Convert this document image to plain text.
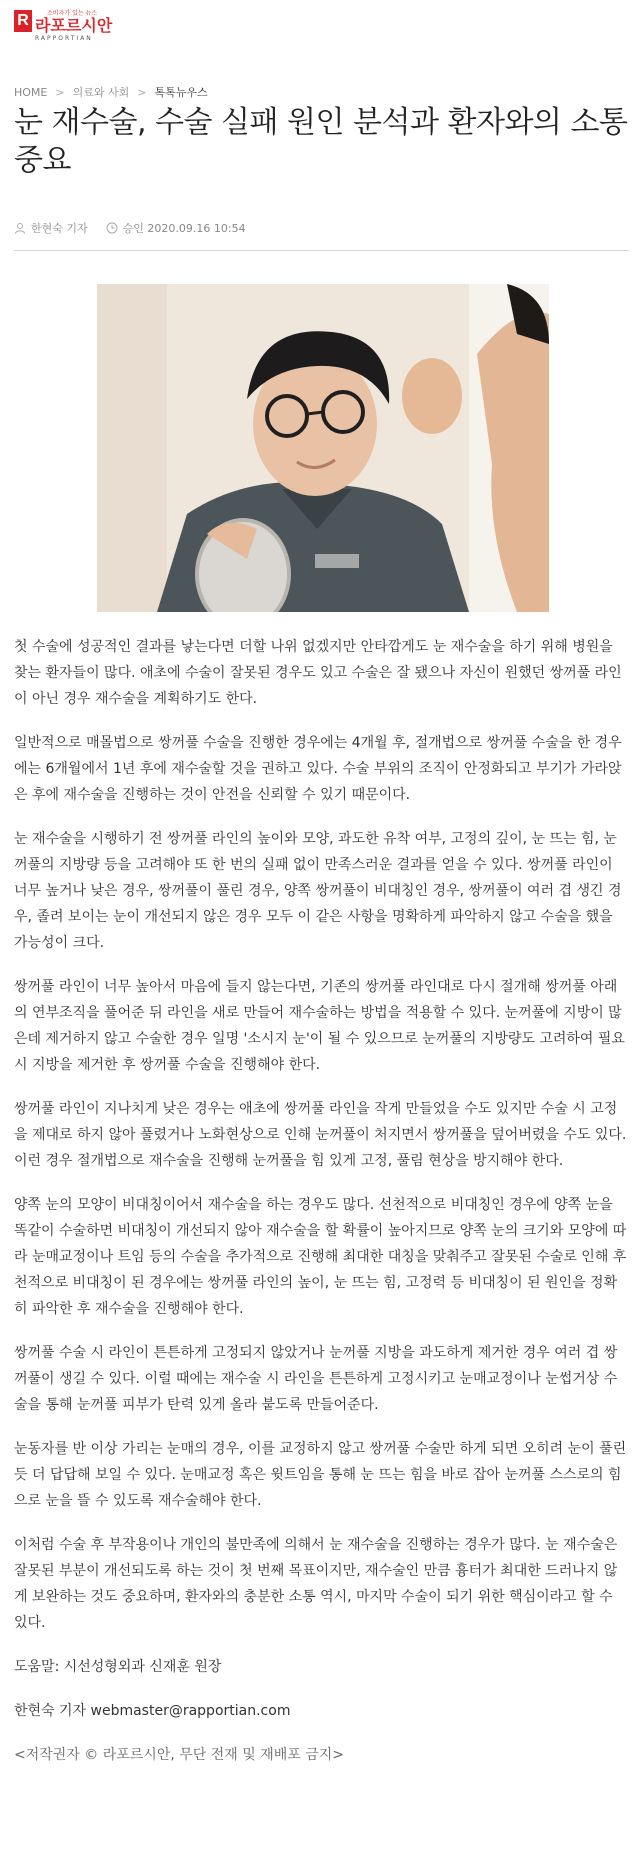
R	소비자가 있는 뉴스
라포르시안
RAPPORTIAN
HOME > 의료와 사회 > 톡톡뉴우스
눈 재수술, 수술 실패 원인 분석과 환자와의 소통 중요
한현숙 기자	승인 2020.09.16 10:54

첫 수술에 성공적인 결과를 낳는다면 더할 나위 없겠지만 안타깝게도 눈 재수술을 하기 위해 병원을 찾는 환자들이 많다. 애초에 수술이 잘못된 경우도 있고 수술은 잘 됐으나 자신이 원했던 쌍꺼풀 라인이 아닌 경우 재수술을 계획하기도 한다.

일반적으로 매몰법으로 쌍꺼풀 수술을 진행한 경우에는 4개월 후, 절개법으로 쌍꺼풀 수술을 한 경우에는 6개월에서 1년 후에 재수술할 것을 권하고 있다. 수술 부위의 조직이 안정화되고 부기가 가라앉은 후에 재수술을 진행하는 것이 안전을 신뢰할 수 있기 때문이다.

눈 재수술을 시행하기 전 쌍꺼풀 라인의 높이와 모양, 과도한 유착 여부, 고정의 깊이, 눈 뜨는 힘, 눈꺼풀의 지방량 등을 고려해야 또 한 번의 실패 없이 만족스러운 결과를 얻을 수 있다. 쌍꺼풀 라인이 너무 높거나 낮은 경우, 쌍꺼풀이 풀린 경우, 양쪽 쌍꺼풀이 비대칭인 경우, 쌍꺼풀이 여러 겹 생긴 경우, 졸려 보이는 눈이 개선되지 않은 경우 모두 이 같은 사항을 명확하게 파악하지 않고 수술을 했을 가능성이 크다.

쌍꺼풀 라인이 너무 높아서 마음에 들지 않는다면, 기존의 쌍꺼풀 라인대로 다시 절개해 쌍꺼풀 아래의 연부조직을 풀어준 뒤 라인을 새로 만들어 재수술하는 방법을 적용할 수 있다. 눈꺼풀에 지방이 많은데 제거하지 않고 수술한 경우 일명 '소시지 눈'이 될 수 있으므로 눈꺼풀의 지방량도 고려하여 필요 시 지방을 제거한 후 쌍꺼풀 수술을 진행해야 한다.

쌍꺼풀 라인이 지나치게 낮은 경우는 애초에 쌍꺼풀 라인을 작게 만들었을 수도 있지만 수술 시 고정을 제대로 하지 않아 풀렸거나 노화현상으로 인해 눈꺼풀이 처지면서 쌍꺼풀을 덮어버렸을 수도 있다. 이런 경우 절개법으로 재수술을 진행해 눈꺼풀을 힘 있게 고정, 풀림 현상을 방지해야 한다.

양쪽 눈의 모양이 비대칭이어서 재수술을 하는 경우도 많다. 선천적으로 비대칭인 경우에 양쪽 눈을 똑같이 수술하면 비대칭이 개선되지 않아 재수술을 할 확률이 높아지므로 양쪽 눈의 크기와 모양에 따라 눈매교정이나 트임 등의 수술을 추가적으로 진행해 최대한 대칭을 맞춰주고 잘못된 수술로 인해 후천적으로 비대칭이 된 경우에는 쌍꺼풀 라인의 높이, 눈 뜨는 힘, 고정력 등 비대칭이 된 원인을 정확히 파악한 후 재수술을 진행해야 한다.

쌍꺼풀 수술 시 라인이 튼튼하게 고정되지 않았거나 눈꺼풀 지방을 과도하게 제거한 경우 여러 겹 쌍꺼풀이 생길 수 있다. 이럴 때에는 재수술 시 라인을 튼튼하게 고정시키고 눈매교정이나 눈썹거상 수술을 통해 눈꺼풀 피부가 탄력 있게 올라 붙도록 만들어준다.

눈동자를 반 이상 가리는 눈매의 경우, 이를 교정하지 않고 쌍꺼풀 수술만 하게 되면 오히려 눈이 풀린 듯 더 답답해 보일 수 있다. 눈매교정 혹은 윗트임을 통해 눈 뜨는 힘을 바로 잡아 눈꺼풀 스스로의 힘으로 눈을 뜰 수 있도록 재수술해야 한다.

이처럼 수술 후 부작용이나 개인의 불만족에 의해서 눈 재수술을 진행하는 경우가 많다. 눈 재수술은 잘못된 부분이 개선되도록 하는 것이 첫 번째 목표이지만, 재수술인 만큼 흉터가 최대한 드러나지 않게 보완하는 것도 중요하며, 환자와의 충분한 소통 역시, 마지막 수술이 되기 위한 핵심이라고 할 수 있다.

도움말: 시선성형외과 신재훈 원장

한현숙 기자 webmaster@rapportian.com

<저작권자 © 라포르시안, 무단 전재 및 재배포 금지>
